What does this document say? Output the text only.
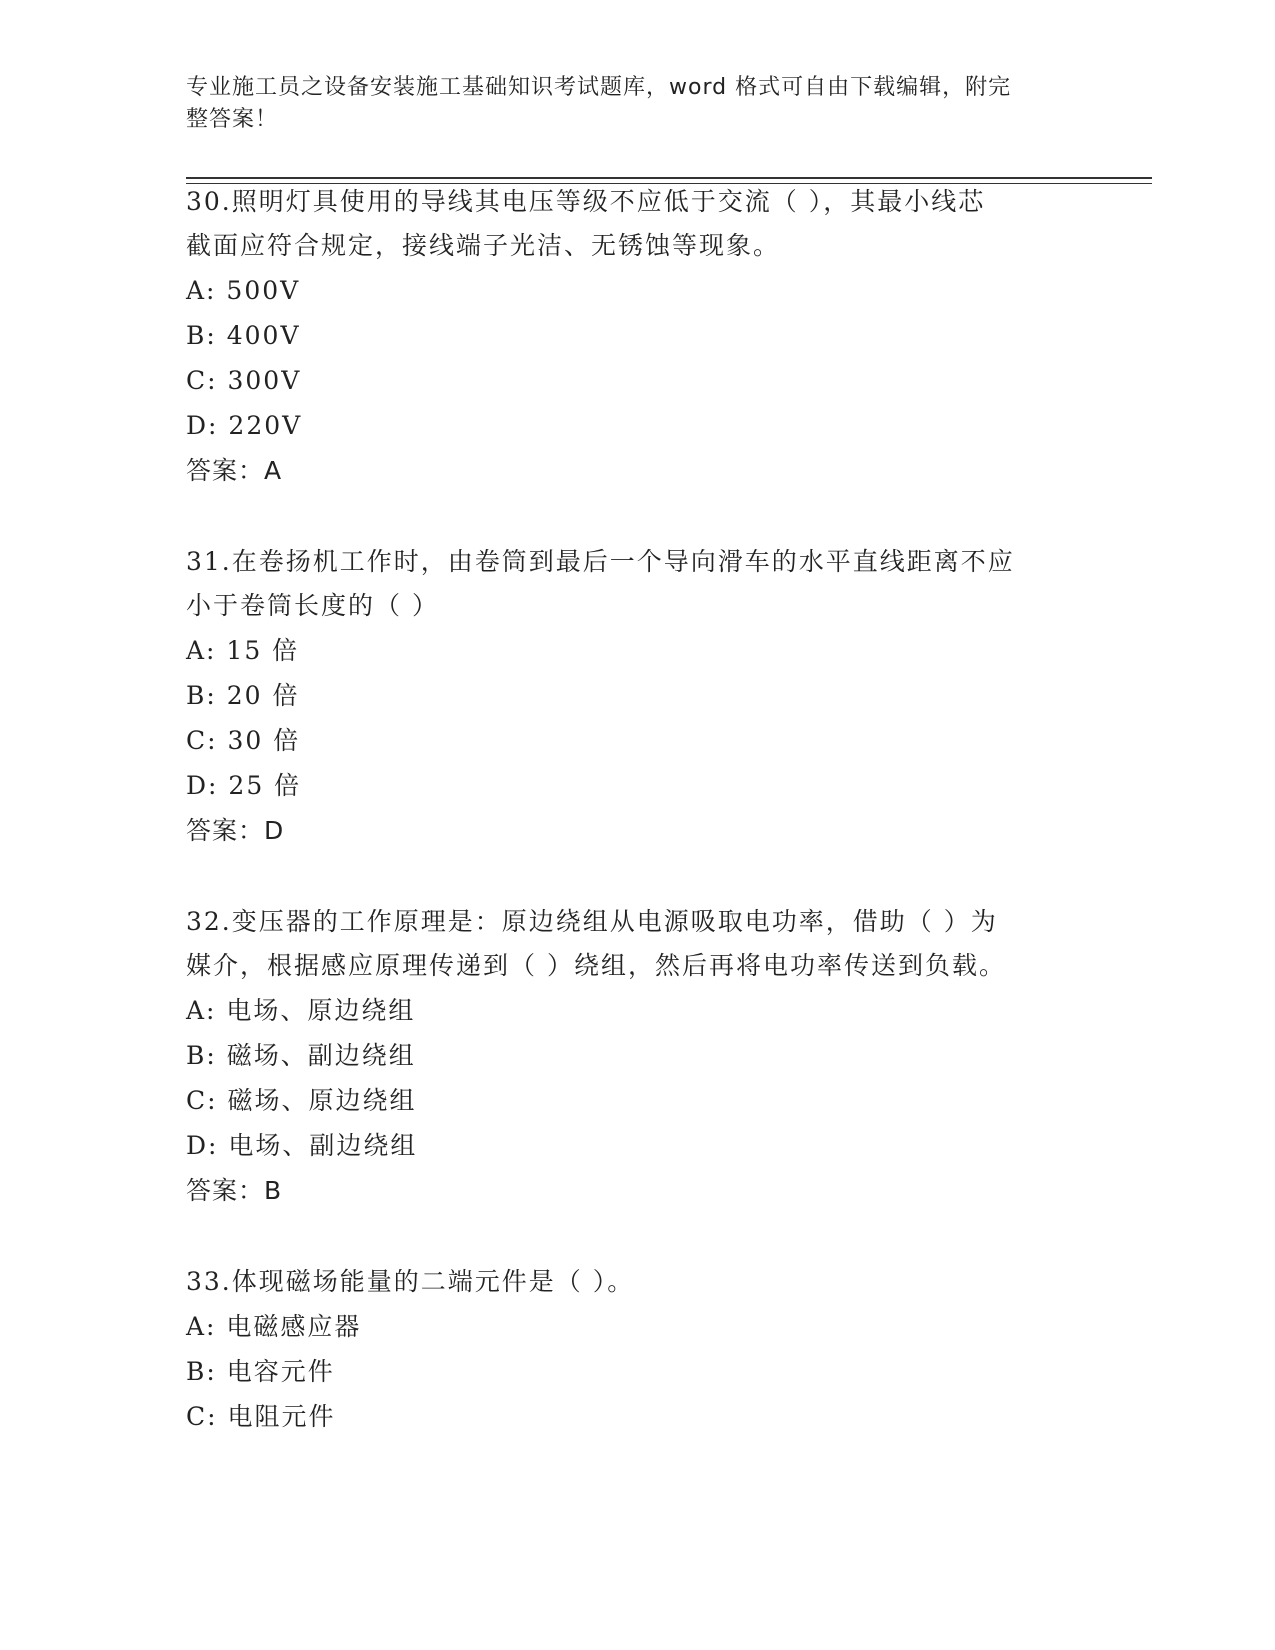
专业施工员之设备安装施工基础知识考试题库，word 格式可自由下载编辑，附完
整答案！

30.照明灯具使用的导线其电压等级不应低于交流（ ），其最小线芯
截面应符合规定，接线端子光洁、无锈蚀等现象。

A: 500V

B: 400V

C: 300V

D: 220V

答案：A

31.在卷扬机工作时，由卷筒到最后一个导向滑车的水平直线距离不应
小于卷筒长度的（ ）

A: 15 倍

B: 20 倍

C: 30 倍

D: 25 倍

答案：D

32.变压器的工作原理是：原边绕组从电源吸取电功率，借助（ ）为
媒介，根据感应原理传递到（ ）绕组，然后再将电功率传送到负载。

A: 电场、原边绕组

B: 磁场、副边绕组

C: 磁场、原边绕组

D: 电场、副边绕组

答案：B

33.体现磁场能量的二端元件是（ ）。

A: 电磁感应器

B: 电容元件

C: 电阻元件
